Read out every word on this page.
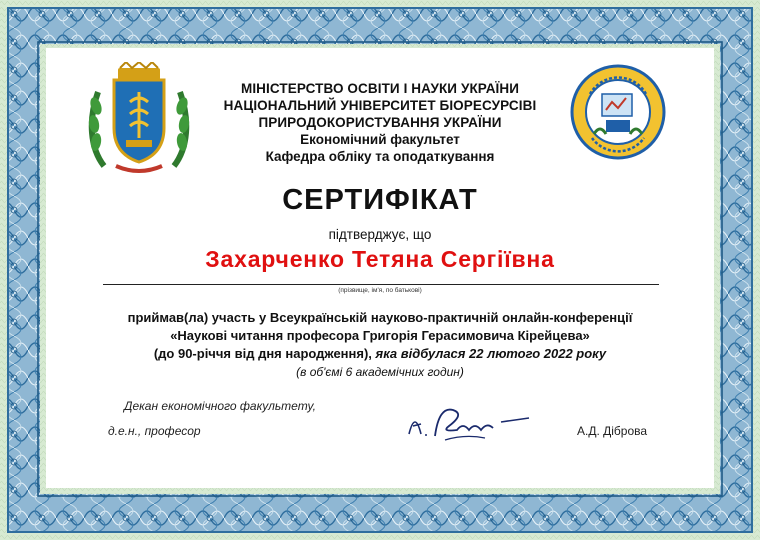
МІНІСТЕРСТВО ОСВІТИ І НАУКИ УКРАЇНИ
НАЦІОНАЛЬНИЙ УНІВЕРСИТЕТ БІОРЕСУРСІВІ
ПРИРОДОКОРИСТУВАННЯ УКРАЇНИ
Економічний факультет
Кафедра обліку та оподаткування
СЕРТИФІКАТ
підтверджує, що
Захарченко Тетяна Сергіївна
(прізвище, ім'я, по батькові)
приймав(ла) участь у Всеукраїнській науково-практичній онлайн-конференції
«Наукові читання професора Григорія Герасимовича Кірейцева»
(до 90-річчя від дня народження), яка відбулася 22 лютого 2022 року
(в об'ємі 6 академічних годин)
Декан економічного факультету,
д.е.н., професор	А.Д. Діброва
